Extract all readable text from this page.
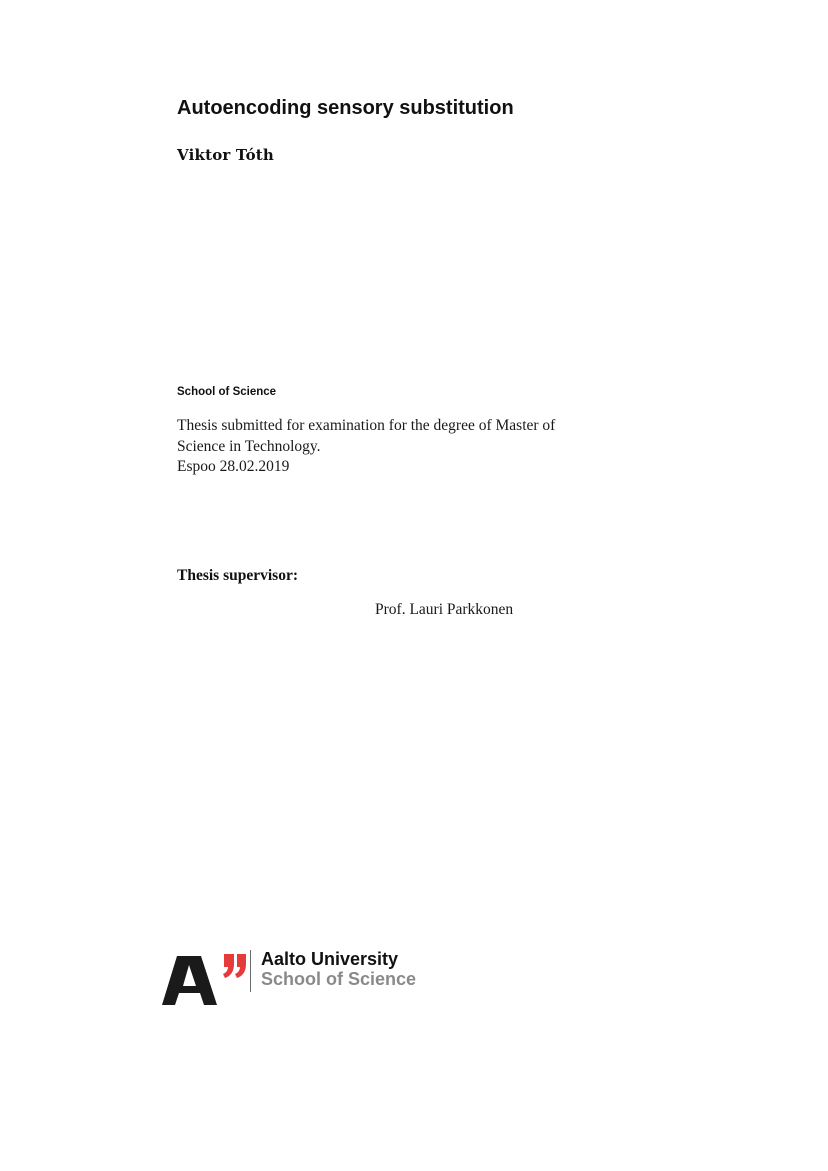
Autoencoding sensory substitution
Viktor Tóth
School of Science

Thesis submitted for examination for the degree of Master of Science in Technology.

Espoo 28.02.2019

Thesis supervisor:
Prof. Lauri Parkkonen
Aalto University
School of Science
